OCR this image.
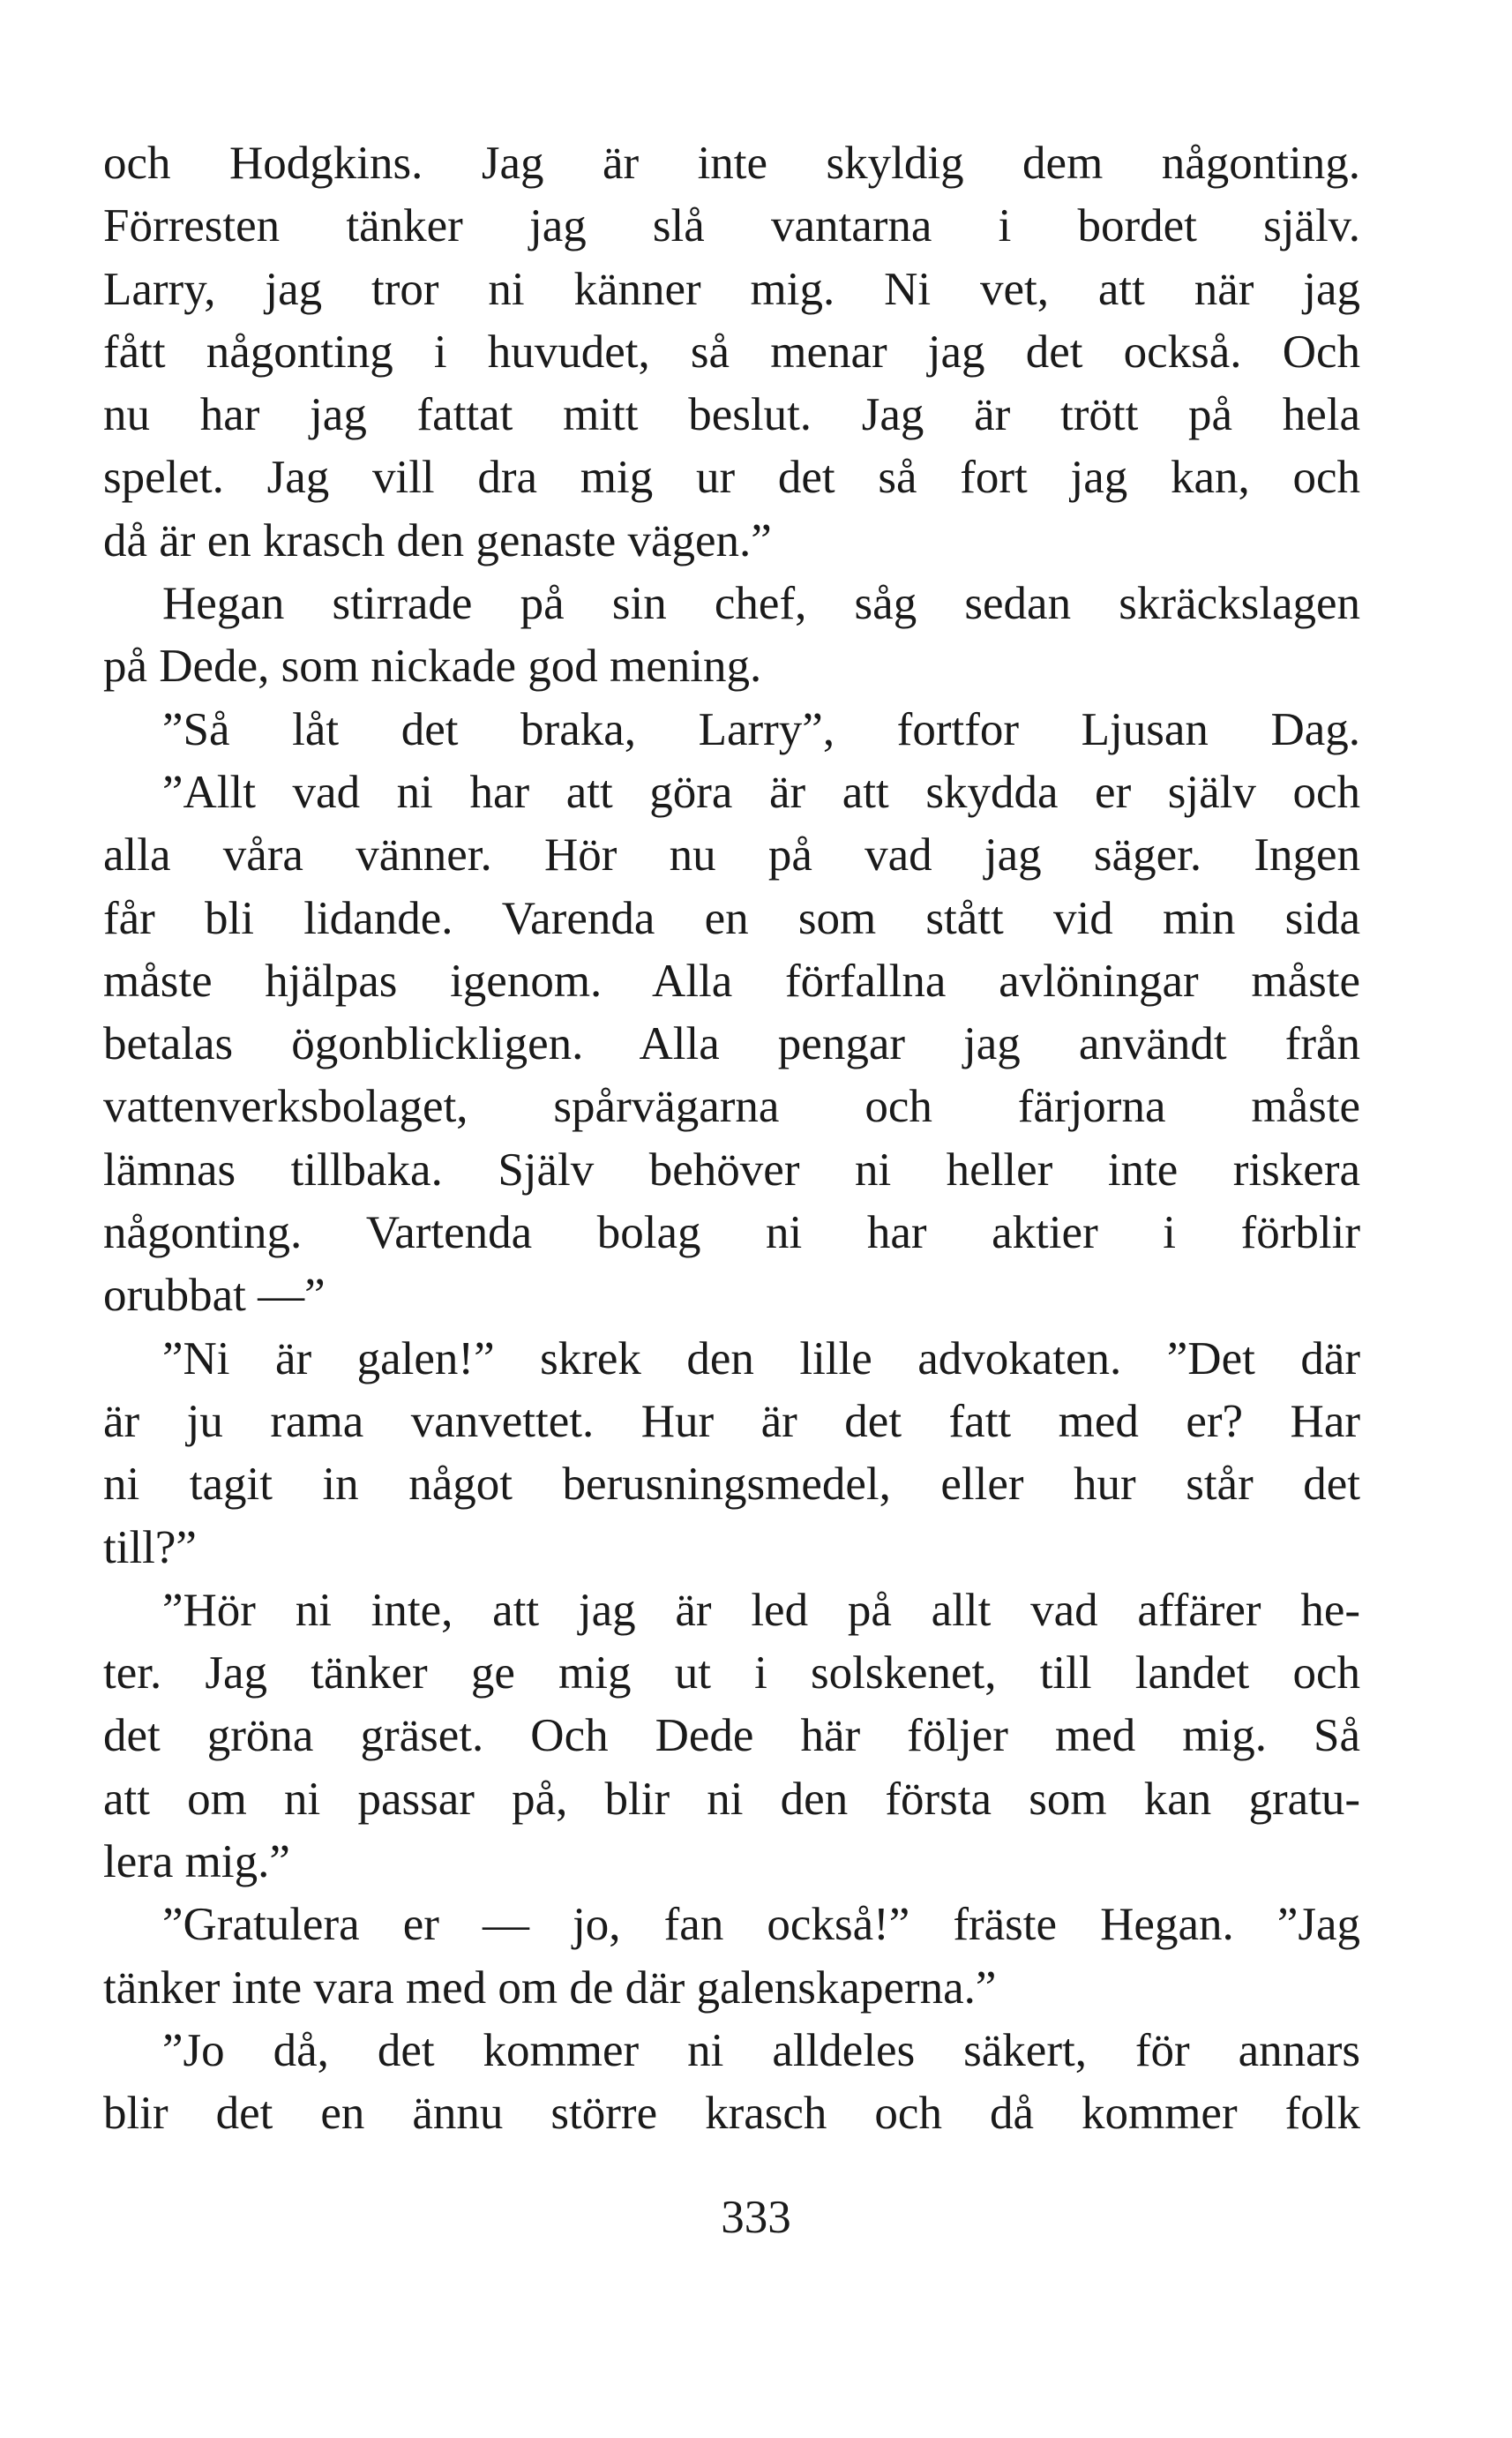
och Hodgkins. Jag är inte skyldig dem någonting.
Förresten tänker jag slå vantarna i bordet själv.
Larry, jag tror ni känner mig. Ni vet, att när jag
fått någonting i huvudet, så menar jag det också. Och
nu har jag fattat mitt beslut. Jag är trött på hela
spelet. Jag vill dra mig ur det så fort jag kan, och
då är en krasch den genaste vägen.”
Hegan stirrade på sin chef, såg sedan skräckslagen
på Dede, som nickade god mening.
”Så låt det braka, Larry”, fortfor Ljusan Dag.
”Allt vad ni har att göra är att skydda er själv och
alla våra vänner. Hör nu på vad jag säger. Ingen
får bli lidande. Varenda en som stått vid min sida
måste hjälpas igenom. Alla förfallna avlöningar måste
betalas ögonblickligen. Alla pengar jag användt från
vattenverksbolaget, spårvägarna och färjorna måste
lämnas tillbaka. Själv behöver ni heller inte riskera
någonting. Vartenda bolag ni har aktier i förblir
orubbat —”
”Ni är galen!” skrek den lille advokaten. ”Det där
är ju rama vanvettet. Hur är det fatt med er? Har
ni tagit in något berusningsmedel, eller hur står det
till?”
”Hör ni inte, att jag är led på allt vad affärer he-
ter. Jag tänker ge mig ut i solskenet, till landet och
det gröna gräset. Och Dede här följer med mig. Så
att om ni passar på, blir ni den första som kan gratu-
lera mig.”
”Gratulera er — jo, fan också!” fräste Hegan. ”Jag
tänker inte vara med om de där galenskaperna.”
”Jo då, det kommer ni alldeles säkert, för annars
blir det en ännu större krasch och då kommer folk
333
